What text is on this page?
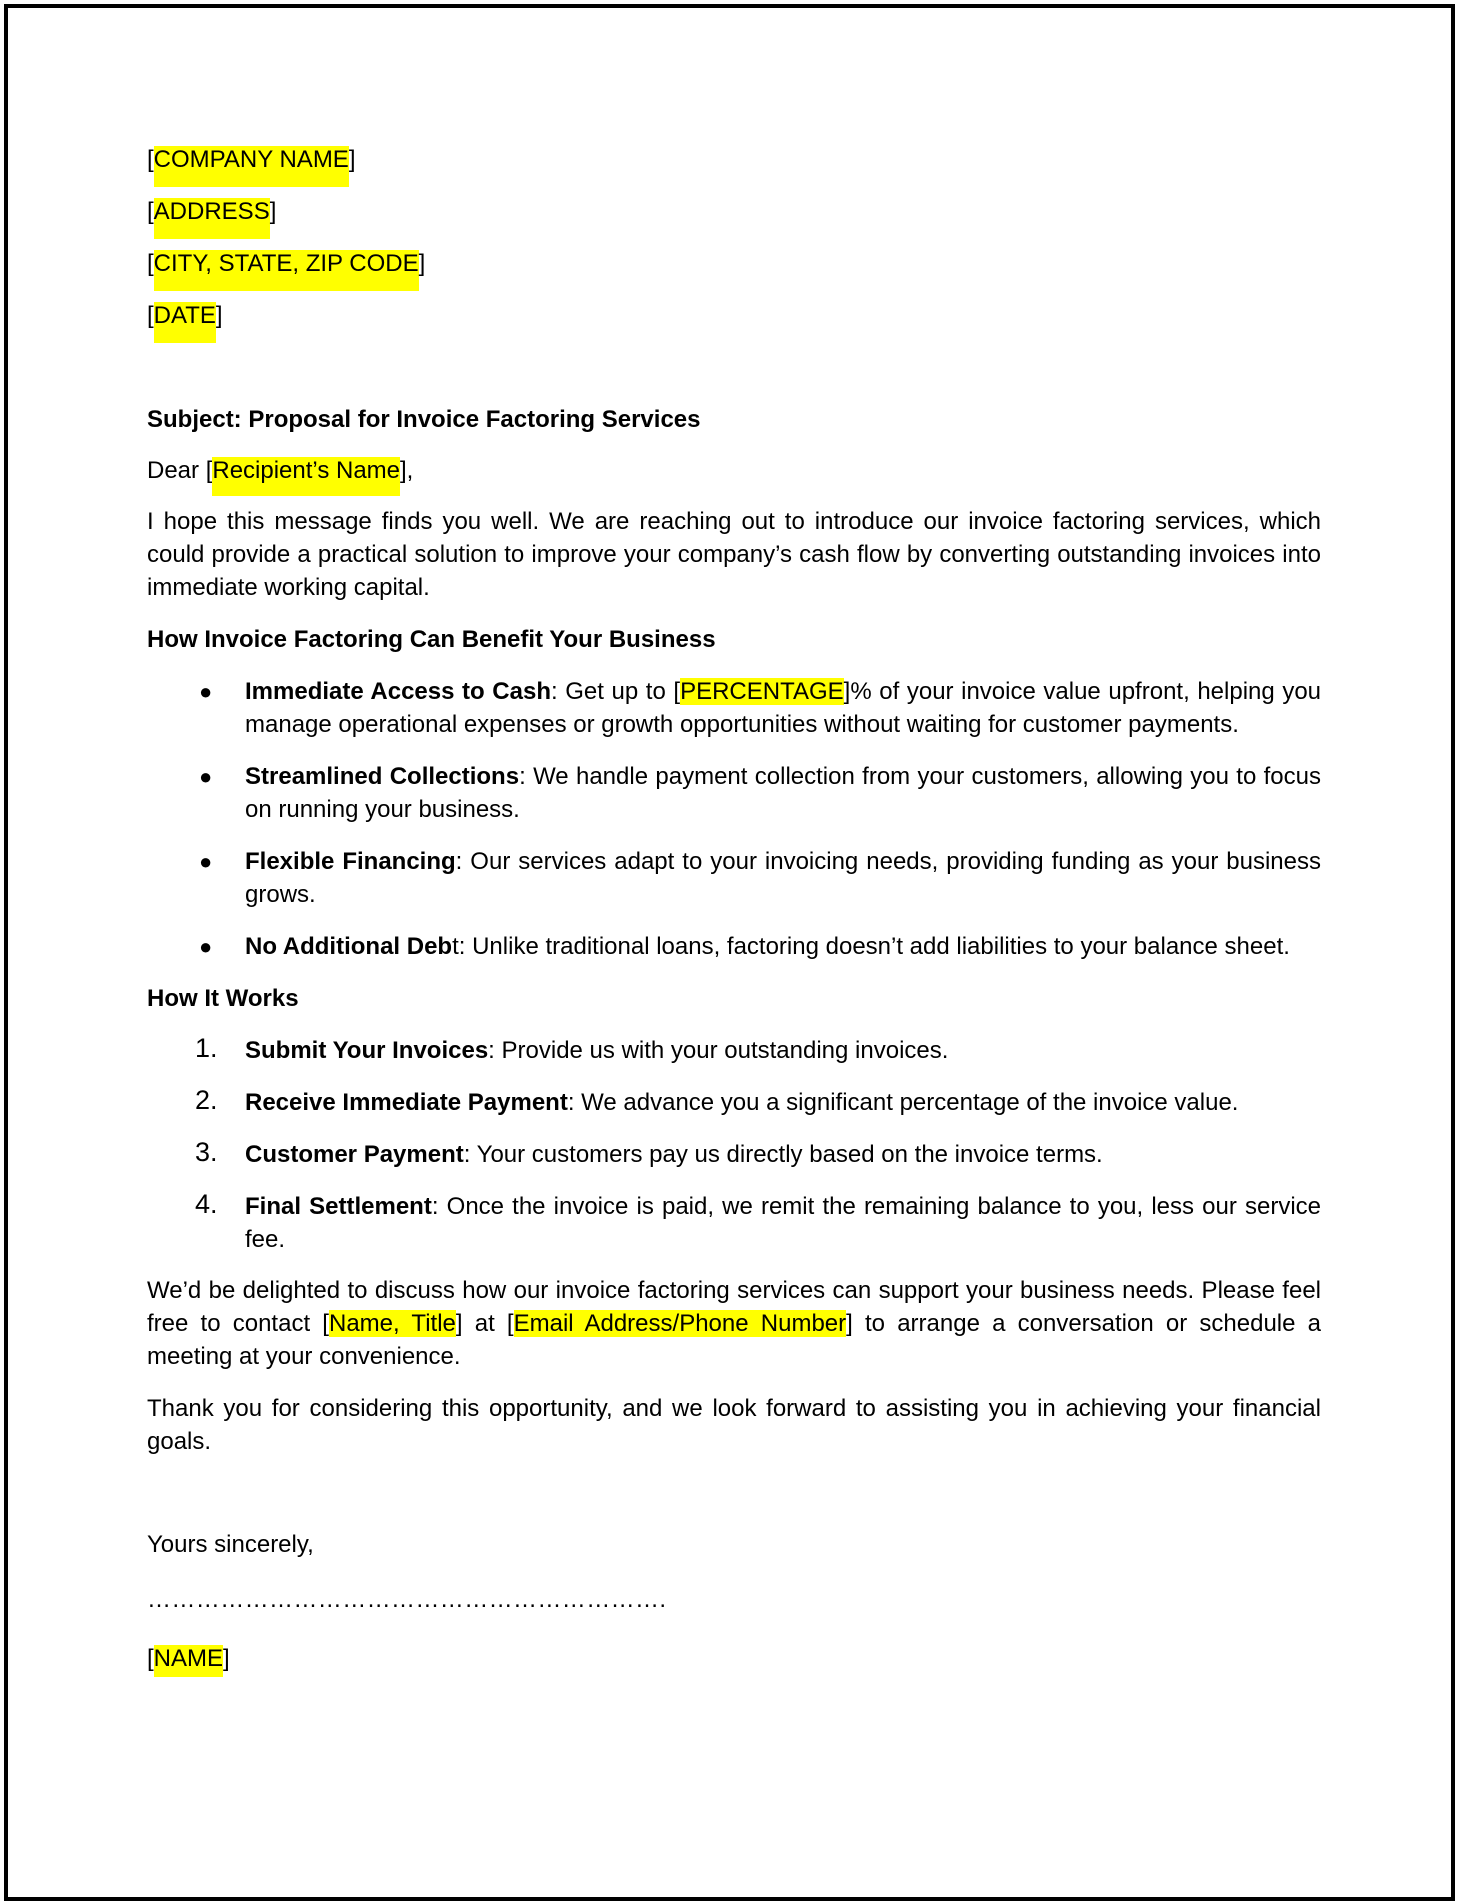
[COMPANY NAME]

[ADDRESS]

[CITY, STATE, ZIP CODE]

[DATE]

Subject: Proposal for Invoice Factoring Services

Dear [Recipient’s Name],

I hope this message finds you well. We are reaching out to introduce our invoice factoring services, which could provide a practical solution to improve your company’s cash flow by converting outstanding invoices into immediate working capital.

How Invoice Factoring Can Benefit Your Business

● Immediate Access to Cash: Get up to [PERCENTAGE]% of your invoice value upfront, helping you manage operational expenses or growth opportunities without waiting for customer payments.
● Streamlined Collections: We handle payment collection from your customers, allowing you to focus on running your business.
● Flexible Financing: Our services adapt to your invoicing needs, providing funding as your business grows.
● No Additional Debt: Unlike traditional loans, factoring doesn’t add liabilities to your balance sheet.

How It Works

1. Submit Your Invoices: Provide us with your outstanding invoices.
2. Receive Immediate Payment: We advance you a significant percentage of the invoice value.
3. Customer Payment: Your customers pay us directly based on the invoice terms.
4. Final Settlement: Once the invoice is paid, we remit the remaining balance to you, less our service fee.

We’d be delighted to discuss how our invoice factoring services can support your business needs. Please feel free to contact [Name, Title] at [Email Address/Phone Number] to arrange a conversation or schedule a meeting at your convenience.

Thank you for considering this opportunity, and we look forward to assisting you in achieving your financial goals.

Yours sincerely,

……………………………………………………….

[NAME]
